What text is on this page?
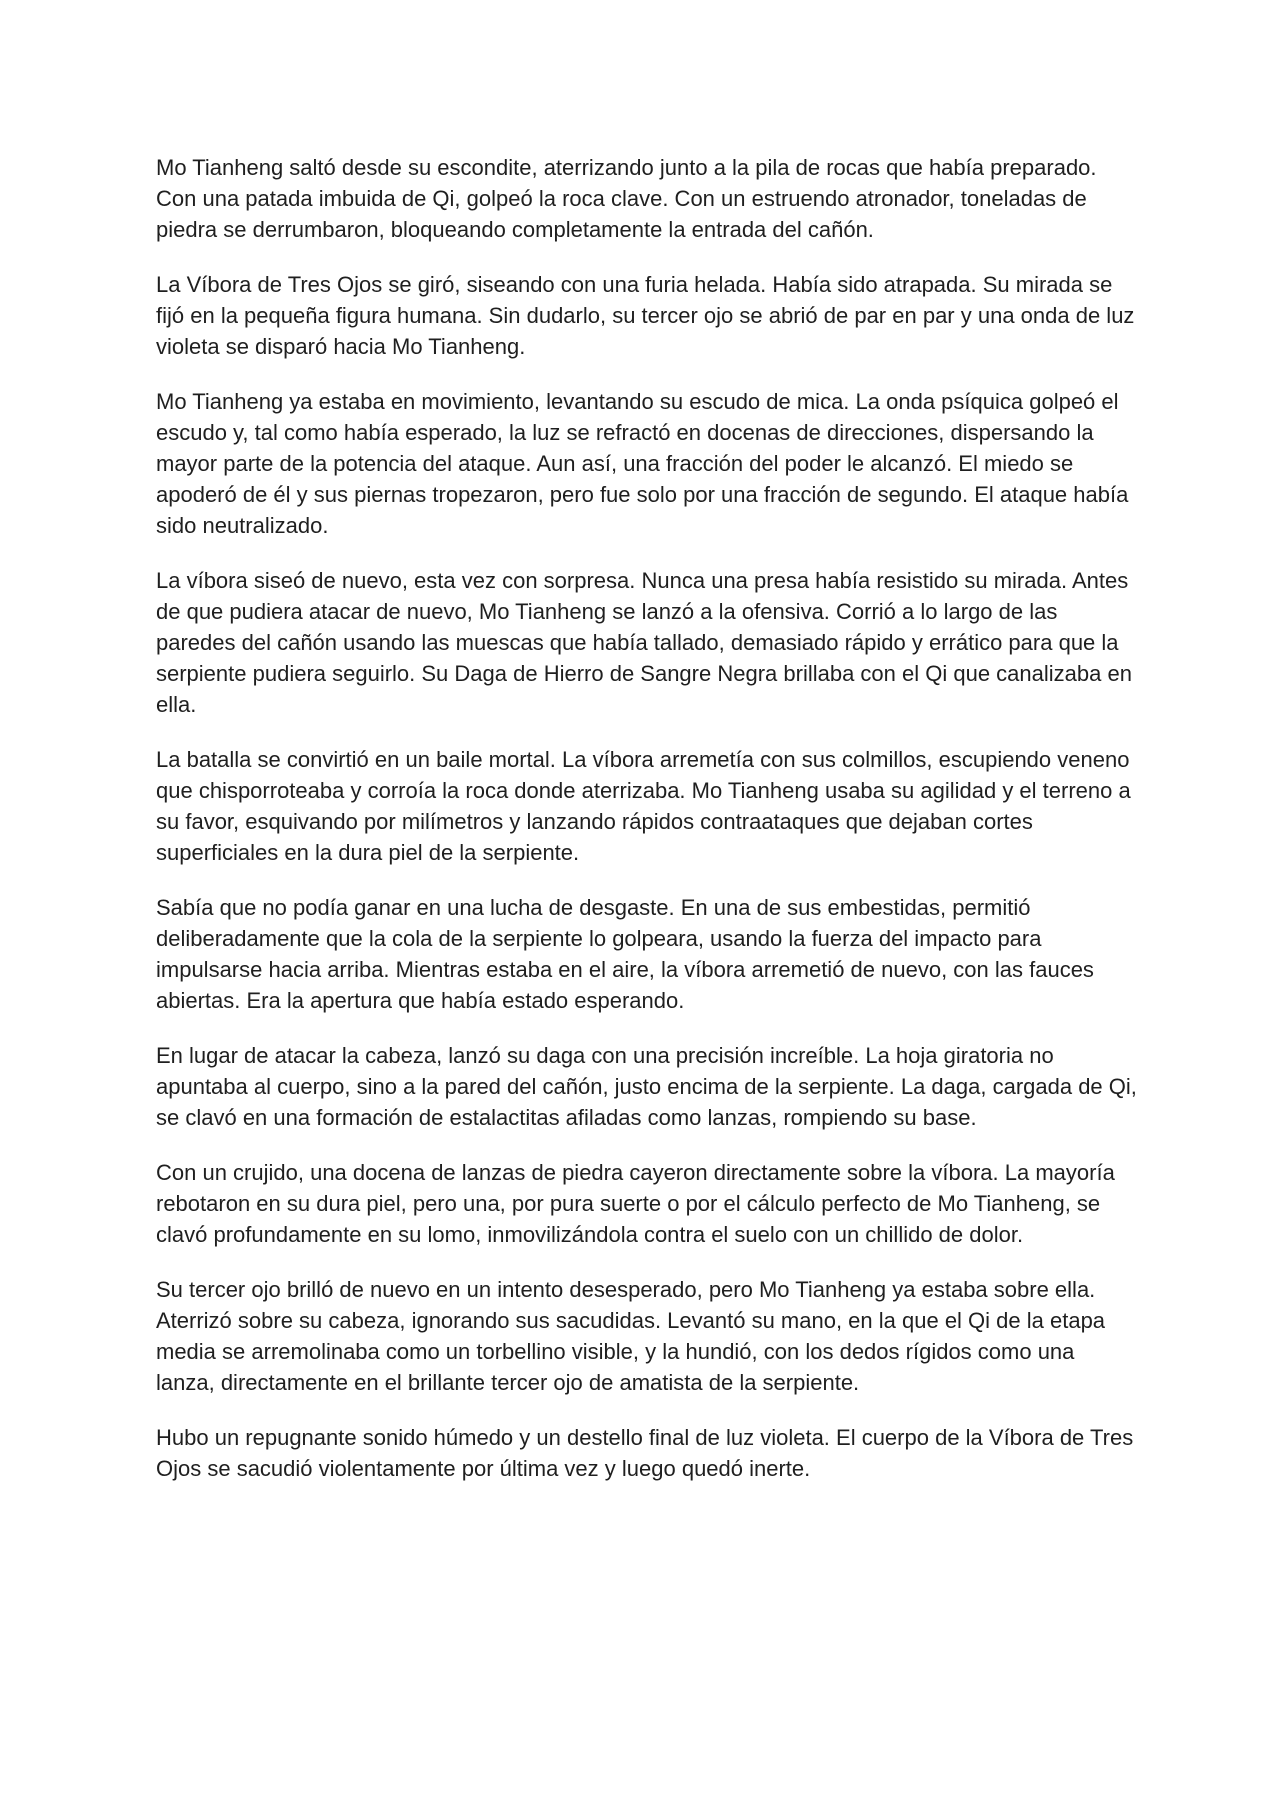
Mo Tianheng saltó desde su escondite, aterrizando junto a la pila de rocas que había preparado. Con una patada imbuida de Qi, golpeó la roca clave. Con un estruendo atronador, toneladas de piedra se derrumbaron, bloqueando completamente la entrada del cañón.

La Víbora de Tres Ojos se giró, siseando con una furia helada. Había sido atrapada. Su mirada se fijó en la pequeña figura humana. Sin dudarlo, su tercer ojo se abrió de par en par y una onda de luz violeta se disparó hacia Mo Tianheng.

Mo Tianheng ya estaba en movimiento, levantando su escudo de mica. La onda psíquica golpeó el escudo y, tal como había esperado, la luz se refractó en docenas de direcciones, dispersando la mayor parte de la potencia del ataque. Aun así, una fracción del poder le alcanzó. El miedo se apoderó de él y sus piernas tropezaron, pero fue solo por una fracción de segundo. El ataque había sido neutralizado.

La víbora siseó de nuevo, esta vez con sorpresa. Nunca una presa había resistido su mirada. Antes de que pudiera atacar de nuevo, Mo Tianheng se lanzó a la ofensiva. Corrió a lo largo de las paredes del cañón usando las muescas que había tallado, demasiado rápido y errático para que la serpiente pudiera seguirlo. Su Daga de Hierro de Sangre Negra brillaba con el Qi que canalizaba en ella.

La batalla se convirtió en un baile mortal. La víbora arremetía con sus colmillos, escupiendo veneno que chisporroteaba y corroía la roca donde aterrizaba. Mo Tianheng usaba su agilidad y el terreno a su favor, esquivando por milímetros y lanzando rápidos contraataques que dejaban cortes superficiales en la dura piel de la serpiente.

Sabía que no podía ganar en una lucha de desgaste. En una de sus embestidas, permitió deliberadamente que la cola de la serpiente lo golpeara, usando la fuerza del impacto para impulsarse hacia arriba. Mientras estaba en el aire, la víbora arremetió de nuevo, con las fauces abiertas. Era la apertura que había estado esperando.

En lugar de atacar la cabeza, lanzó su daga con una precisión increíble. La hoja giratoria no apuntaba al cuerpo, sino a la pared del cañón, justo encima de la serpiente. La daga, cargada de Qi, se clavó en una formación de estalactitas afiladas como lanzas, rompiendo su base.

Con un crujido, una docena de lanzas de piedra cayeron directamente sobre la víbora. La mayoría rebotaron en su dura piel, pero una, por pura suerte o por el cálculo perfecto de Mo Tianheng, se clavó profundamente en su lomo, inmovilizándola contra el suelo con un chillido de dolor.

Su tercer ojo brilló de nuevo en un intento desesperado, pero Mo Tianheng ya estaba sobre ella. Aterrizó sobre su cabeza, ignorando sus sacudidas. Levantó su mano, en la que el Qi de la etapa media se arremolinaba como un torbellino visible, y la hundió, con los dedos rígidos como una lanza, directamente en el brillante tercer ojo de amatista de la serpiente.

Hubo un repugnante sonido húmedo y un destello final de luz violeta. El cuerpo de la Víbora de Tres Ojos se sacudió violentamente por última vez y luego quedó inerte.
